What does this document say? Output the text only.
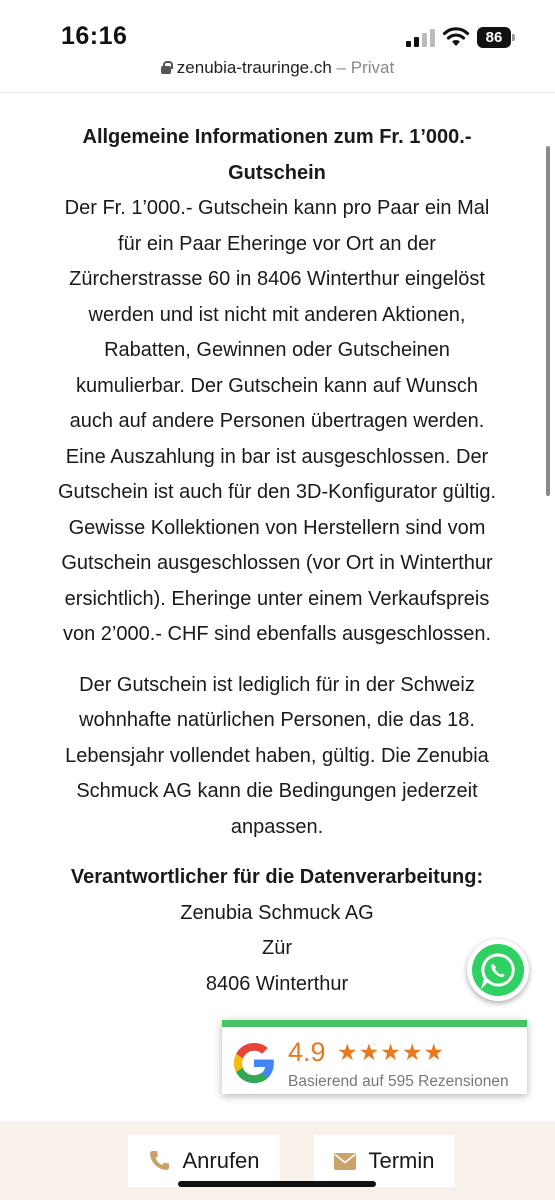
16:16	86
zenubia-trauringe.ch – Privat
Allgemeine Informationen zum Fr. 1’000.- Gutschein

Der Fr. 1’000.- Gutschein kann pro Paar ein Mal für ein Paar Eheringe vor Ort an der Zürcherstrasse 60 in 8406 Winterthur eingelöst werden und ist nicht mit anderen Aktionen, Rabatten, Gewinnen oder Gutscheinen kumulierbar. Der Gutschein kann auf Wunsch auch auf andere Personen übertragen werden. Eine Auszahlung in bar ist ausgeschlossen. Der Gutschein ist auch für den 3D-Konfigurator gültig. Gewisse Kollektionen von Herstellern sind vom Gutschein ausgeschlossen (vor Ort in Winterthur ersichtlich). Eheringe unter einem Verkaufspreis von 2’000.- CHF sind ebenfalls ausgeschlossen.

Der Gutschein ist lediglich für in der Schweiz wohnhafte natürlichen Personen, die das 18. Lebensjahr vollendet haben, gültig. Die Zenubia Schmuck AG kann die Bedingungen jederzeit anpassen.

Verantwortlicher für die Datenverarbeitung:
Zenubia Schmuck AG
Zür
8406 Winterthur
4.9 ★★★★★
Basierend auf 595 Rezensionen
Anrufen	Termin
